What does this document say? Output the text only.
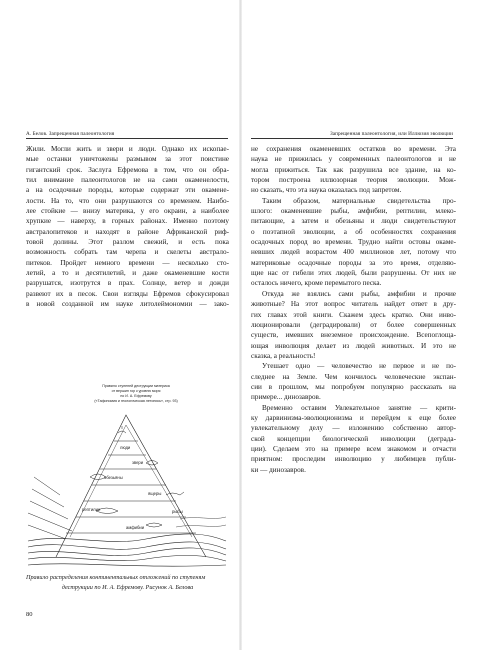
А. Белов. Запрещенная палеонтология
Жили. Могли жить и звери и люди. Однако их ископае-
мые останки уничтожены размывом за этот поистине
гигантский срок. Заслуга Ефремова в том, что он обра-
тил внимание палеонтологов не на сами окаменелости,
а на осадочные породы, которые содержат эти окамене-
лости. На то, что они разрушаются со временем. Наибо-
лее стойкие — внизу материка, у его окраин, а наиболее
хрупкие — наверху, в горных районах. Именно поэтому
австралопитеков и находят в районе Африканской риф-
товой долины. Этот разлом свежий, и есть пока
возможность собрать там черепа и скелеты австрало-
питеков. Пройдет немного времени — несколько сто-
летий, а то и десятилетий, и даже окаменевшие кости
разрушатся, изотрутся в прах. Солнце, ветер и дожди
развеют их в песок. Свои взгляды Ефремов сфокусировал
в новой созданной им науке литолеймономии — зако-
Правило ступеней деструкции материка
от вершин гор к уровню моря
по И. А. Ефремову
(«Тафономия и геологическая летопись», стр. 93)
люди
звери
обезьяны
ящеры
рыбы
рептилии
амфибии
Правило распределения континентальных отложений по ступеням
деструкции по И. А. Ефремову. Рисунок А. Белова
80
Запрещенная палеонтология, или Иллюзия эволюции
не сохранения окаменевших остатков во времени. Эта
наука не прижилась у современных палеонтологов и не
могла прижиться. Так как разрушила все здание, на ко-
тором построена иллюзорная теория эволюции. Мож-
но сказать, что эта наука оказалась под запретом.
Таким образом, материальные свидетельства про-
шлого: окаменевшие рыбы, амфибии, рептилии, млеко-
питающие, а затем и обезьяны и люди свидетельствуют
о поэтапной эволюции, а об особенностях сохранения
осадочных пород во времени. Трудно найти остовы окаме-
невших людей возрастом 400 миллионов лет, потому что
материковые осадочные породы за это время, отделяю-
щие нас от гибели этих людей, были разрушены. От них не
осталось ничего, кроме перемытого песка.
Откуда же взялись сами рыбы, амфибии и прочие
животные? На этот вопрос читатель найдет ответ в дру-
гих главах этой книги. Скажем здесь кратко. Они инво-
люционировали (деградировали) от более совершенных
существ, имевших внеземное происхождение. Всепоглоща-
ющая инволюция делает из людей животных. И это не
сказка, а реальность!
Утешает одно — человечество не первое и не по-
следнее на Земле. Чем кончилось человеческие экспан-
сии в прошлом, мы попробуем популярно рассказать на
примере... динозавров.
Временно оставим Увлекательное занятие — крити-
ку дарвинизма-эволюционизма и перейдем к еще более
увлекательному делу — изложению собственно автор-
ской концепции биологической инволюции (деграда-
ции). Сделаем это на примере всем знакомом и отчасти
приятном: проследим инволюцию у любимцев публи-
ки — динозавров.
